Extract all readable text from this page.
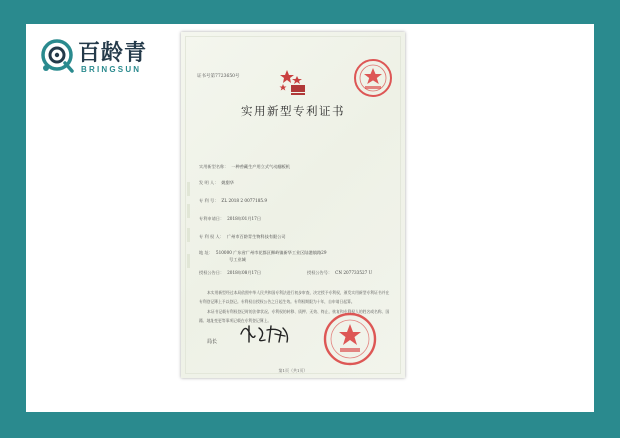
百龄青
BRINGSUN
证书号第7723650号
实用新型专利证书
实用新型名称： 一种兽藏生产用立式气动翻板机
发 明 人： 姚甜华
专 利 号： ZL 2018 2 0077185.9
专利申请日： 2018年01月17日
专 利 权 人： 广州市百龄青生物科技有限公司
地 址： 510000 广东省广州市花都区狮岭镇新华工业区陆港镇路29
号工业城
授权公告日： 2018年08月17日	授权公告号： CN 207733527 U

本实用新型经过本局依照中华人民共和国专利法进行初步审查，决定授予专利权，颁发实用新型专利证书并在专利登记簿上予以登记。专利权自授权公告之日起生效。专利权期限为十年，自申请日起算。

本证书记载专利权登记时的法律状况。专利权的转移、质押、无效、终止、恢复和专利权人的姓名或名称、国籍、地址变更等事项记载在专利登记簿上。

局长
第1页（共1页）
